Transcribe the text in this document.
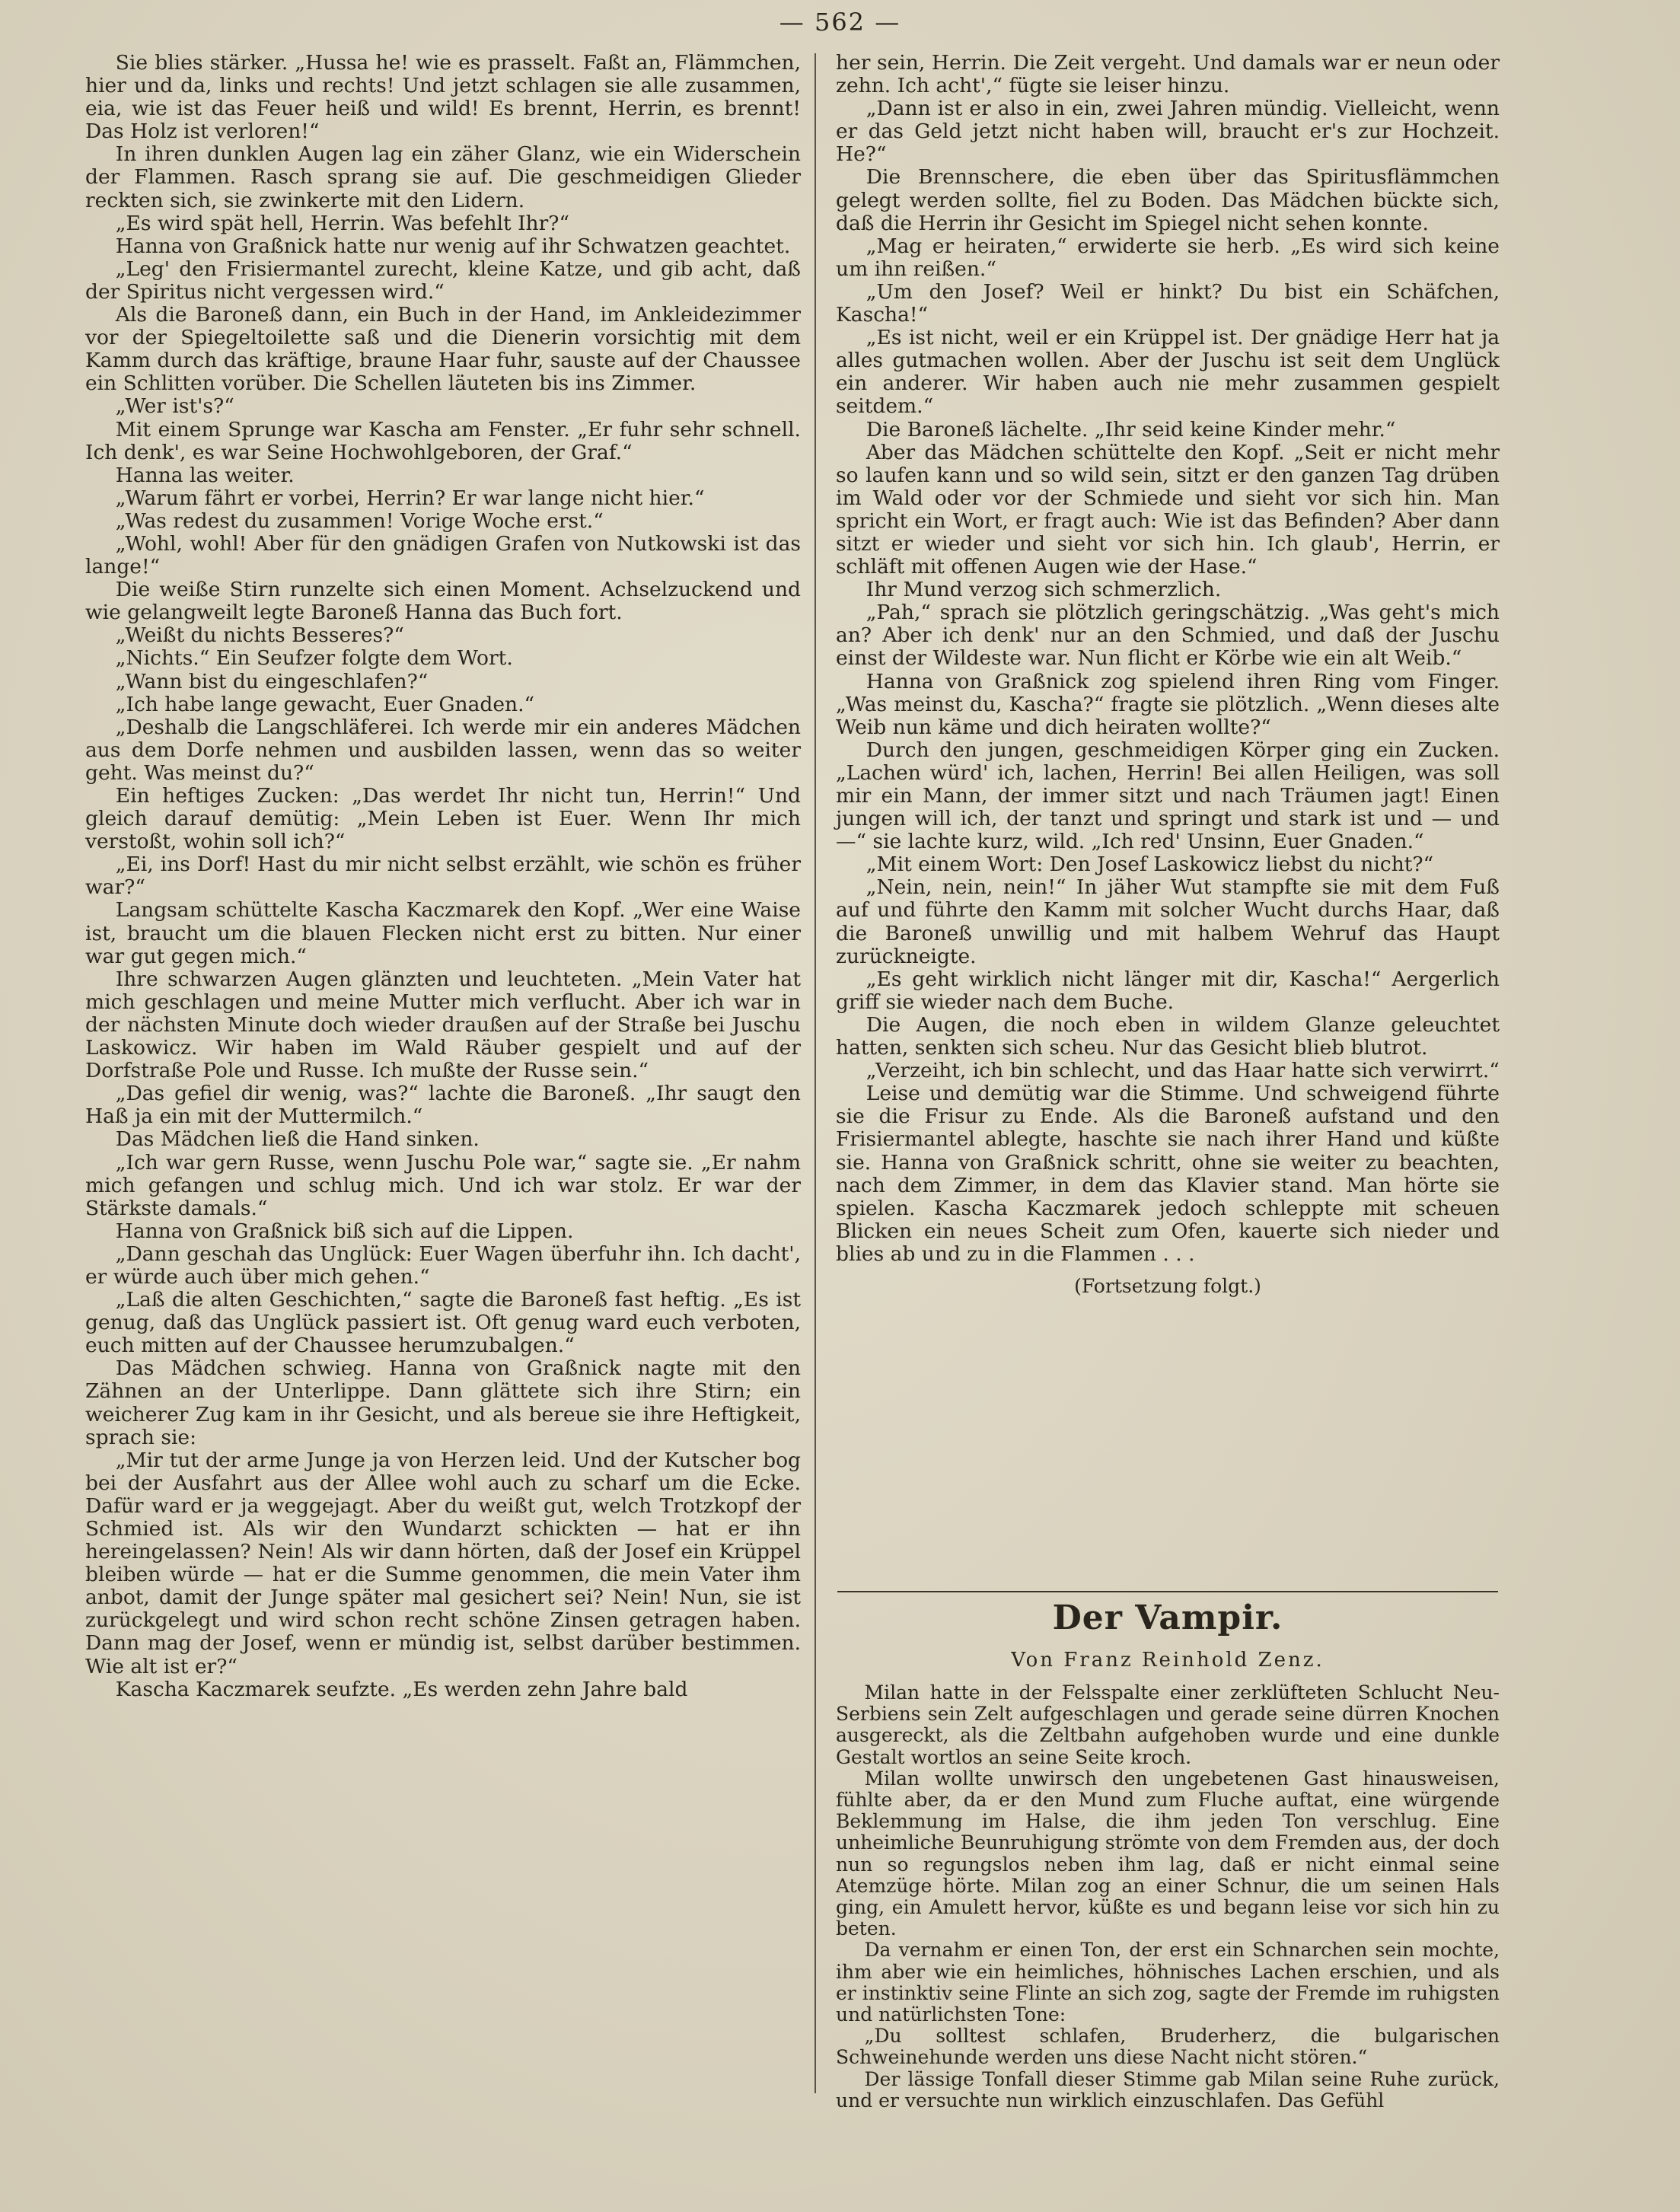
— 562 —

Sie blies stärker. „Hussa he! wie es prasselt. Faßt an, Flämmchen, hier und da, links und rechts! Und jetzt schlagen sie alle zusammen, eia, wie ist das Feuer heiß und wild! Es brennt, Herrin, es brennt! Das Holz ist verloren!“

In ihren dunklen Augen lag ein zäher Glanz, wie ein Widerschein der Flammen. Rasch sprang sie auf. Die geschmeidigen Glieder reckten sich, sie zwinkerte mit den Lidern.

„Es wird spät hell, Herrin. Was befehlt Ihr?“

Hanna von Graßnick hatte nur wenig auf ihr Schwatzen geachtet.

„Leg' den Frisiermantel zurecht, kleine Katze, und gib acht, daß der Spiritus nicht vergessen wird.“

Als die Baroneß dann, ein Buch in der Hand, im Ankleidezimmer vor der Spiegeltoilette saß und die Dienerin vorsichtig mit dem Kamm durch das kräftige, braune Haar fuhr, sauste auf der Chaussee ein Schlitten vorüber. Die Schellen läuteten bis ins Zimmer.

„Wer ist's?“

Mit einem Sprunge war Kascha am Fenster. „Er fuhr sehr schnell. Ich denk', es war Seine Hochwohlgeboren, der Graf.“

Hanna las weiter.

„Warum fährt er vorbei, Herrin? Er war lange nicht hier.“

„Was redest du zusammen! Vorige Woche erst.“

„Wohl, wohl! Aber für den gnädigen Grafen von Nutkowski ist das lange!“

Die weiße Stirn runzelte sich einen Moment. Achselzuckend und wie gelangweilt legte Baroneß Hanna das Buch fort.

„Weißt du nichts Besseres?“

„Nichts.“ Ein Seufzer folgte dem Wort.

„Wann bist du eingeschlafen?“

„Ich habe lange gewacht, Euer Gnaden.“

„Deshalb die Langschläferei. Ich werde mir ein anderes Mädchen aus dem Dorfe nehmen und ausbilden lassen, wenn das so weiter geht. Was meinst du?“

Ein heftiges Zucken: „Das werdet Ihr nicht tun, Herrin!“ Und gleich darauf demütig: „Mein Leben ist Euer. Wenn Ihr mich verstoßt, wohin soll ich?“

„Ei, ins Dorf! Hast du mir nicht selbst erzählt, wie schön es früher war?“

Langsam schüttelte Kascha Kaczmarek den Kopf. „Wer eine Waise ist, braucht um die blauen Flecken nicht erst zu bitten. Nur einer war gut gegen mich.“

Ihre schwarzen Augen glänzten und leuchteten. „Mein Vater hat mich geschlagen und meine Mutter mich verflucht. Aber ich war in der nächsten Minute doch wieder draußen auf der Straße bei Juschu Laskowicz. Wir haben im Wald Räuber gespielt und auf der Dorfstraße Pole und Russe. Ich mußte der Russe sein.“

„Das gefiel dir wenig, was?“ lachte die Baroneß. „Ihr saugt den Haß ja ein mit der Muttermilch.“

Das Mädchen ließ die Hand sinken.

„Ich war gern Russe, wenn Juschu Pole war,“ sagte sie. „Er nahm mich gefangen und schlug mich. Und ich war stolz. Er war der Stärkste damals.“

Hanna von Graßnick biß sich auf die Lippen.

„Dann geschah das Unglück: Euer Wagen überfuhr ihn. Ich dacht', er würde auch über mich gehen.“

„Laß die alten Geschichten,“ sagte die Baroneß fast heftig. „Es ist genug, daß das Unglück passiert ist. Oft genug ward euch verboten, euch mitten auf der Chaussee herumzubalgen.“

Das Mädchen schwieg. Hanna von Graßnick nagte mit den Zähnen an der Unterlippe. Dann glättete sich ihre Stirn; ein weicherer Zug kam in ihr Gesicht, und als bereue sie ihre Heftigkeit, sprach sie:

„Mir tut der arme Junge ja von Herzen leid. Und der Kutscher bog bei der Ausfahrt aus der Allee wohl auch zu scharf um die Ecke. Dafür ward er ja weggejagt. Aber du weißt gut, welch Trotzkopf der Schmied ist. Als wir den Wundarzt schickten — hat er ihn hereingelassen? Nein! Als wir dann hörten, daß der Josef ein Krüppel bleiben würde — hat er die Summe genommen, die mein Vater ihm anbot, damit der Junge später mal gesichert sei? Nein! Nun, sie ist zurückgelegt und wird schon recht schöne Zinsen getragen haben. Dann mag der Josef, wenn er mündig ist, selbst darüber bestimmen. Wie alt ist er?“

Kascha Kaczmarek seufzte. „Es werden zehn Jahre bald

her sein, Herrin. Die Zeit vergeht. Und damals war er neun oder zehn. Ich acht',“ fügte sie leiser hinzu.

„Dann ist er also in ein, zwei Jahren mündig. Vielleicht, wenn er das Geld jetzt nicht haben will, braucht er's zur Hochzeit. He?“

Die Brennschere, die eben über das Spiritusflämmchen gelegt werden sollte, fiel zu Boden. Das Mädchen bückte sich, daß die Herrin ihr Gesicht im Spiegel nicht sehen konnte.

„Mag er heiraten,“ erwiderte sie herb. „Es wird sich keine um ihn reißen.“

„Um den Josef? Weil er hinkt? Du bist ein Schäfchen, Kascha!“

„Es ist nicht, weil er ein Krüppel ist. Der gnädige Herr hat ja alles gutmachen wollen. Aber der Juschu ist seit dem Unglück ein anderer. Wir haben auch nie mehr zusammen gespielt seitdem.“

Die Baroneß lächelte. „Ihr seid keine Kinder mehr.“

Aber das Mädchen schüttelte den Kopf. „Seit er nicht mehr so laufen kann und so wild sein, sitzt er den ganzen Tag drüben im Wald oder vor der Schmiede und sieht vor sich hin. Man spricht ein Wort, er fragt auch: Wie ist das Befinden? Aber dann sitzt er wieder und sieht vor sich hin. Ich glaub', Herrin, er schläft mit offenen Augen wie der Hase.“

Ihr Mund verzog sich schmerzlich.

„Pah,“ sprach sie plötzlich geringschätzig. „Was geht's mich an? Aber ich denk' nur an den Schmied, und daß der Juschu einst der Wildeste war. Nun flicht er Körbe wie ein alt Weib.“

Hanna von Graßnick zog spielend ihren Ring vom Finger. „Was meinst du, Kascha?“ fragte sie plötzlich. „Wenn dieses alte Weib nun käme und dich heiraten wollte?“

Durch den jungen, geschmeidigen Körper ging ein Zucken. „Lachen würd' ich, lachen, Herrin! Bei allen Heiligen, was soll mir ein Mann, der immer sitzt und nach Träumen jagt! Einen jungen will ich, der tanzt und springt und stark ist und — und —“ sie lachte kurz, wild. „Ich red' Unsinn, Euer Gnaden.“

„Mit einem Wort: Den Josef Laskowicz liebst du nicht?“

„Nein, nein, nein!“ In jäher Wut stampfte sie mit dem Fuß auf und führte den Kamm mit solcher Wucht durchs Haar, daß die Baroneß unwillig und mit halbem Wehruf das Haupt zurückneigte.

„Es geht wirklich nicht länger mit dir, Kascha!“ Aergerlich griff sie wieder nach dem Buche.

Die Augen, die noch eben in wildem Glanze geleuchtet hatten, senkten sich scheu. Nur das Gesicht blieb blutrot.

„Verzeiht, ich bin schlecht, und das Haar hatte sich verwirrt.“

Leise und demütig war die Stimme. Und schweigend führte sie die Frisur zu Ende. Als die Baroneß aufstand und den Frisiermantel ablegte, haschte sie nach ihrer Hand und küßte sie. Hanna von Graßnick schritt, ohne sie weiter zu beachten, nach dem Zimmer, in dem das Klavier stand. Man hörte sie spielen. Kascha Kaczmarek jedoch schleppte mit scheuen Blicken ein neues Scheit zum Ofen, kauerte sich nieder und blies ab und zu in die Flammen . . .

(Fortsetzung folgt.)

Der Vampir.
Von Franz Reinhold Zenz.

Milan hatte in der Felsspalte einer zerklüfteten Schlucht Neu-Serbiens sein Zelt aufgeschlagen und gerade seine dürren Knochen ausgereckt, als die Zeltbahn aufgehoben wurde und eine dunkle Gestalt wortlos an seine Seite kroch.

Milan wollte unwirsch den ungebetenen Gast hinausweisen, fühlte aber, da er den Mund zum Fluche auftat, eine würgende Beklemmung im Halse, die ihm jeden Ton verschlug. Eine unheimliche Beunruhigung strömte von dem Fremden aus, der doch nun so regungslos neben ihm lag, daß er nicht einmal seine Atemzüge hörte. Milan zog an einer Schnur, die um seinen Hals ging, ein Amulett hervor, küßte es und begann leise vor sich hin zu beten.

Da vernahm er einen Ton, der erst ein Schnarchen sein mochte, ihm aber wie ein heimliches, höhnisches Lachen erschien, und als er instinktiv seine Flinte an sich zog, sagte der Fremde im ruhigsten und natürlichsten Tone:

„Du solltest schlafen, Bruderherz, die bulgarischen Schweinehunde werden uns diese Nacht nicht stören.“

Der lässige Tonfall dieser Stimme gab Milan seine Ruhe zurück, und er versuchte nun wirklich einzuschlafen. Das Gefühl
